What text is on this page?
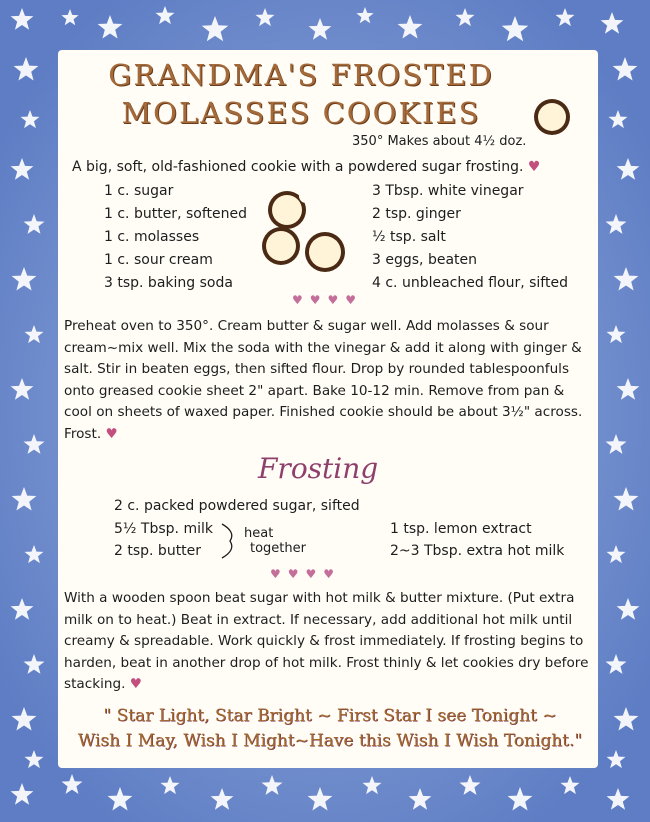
GRANDMA'S FROSTED
MOLASSES COOKIES
350° Makes about 4½ doz.
A big, soft, old-fashioned cookie with a powdered sugar frosting. ♥
1 c. sugar
1 c. butter, softened
1 c. molasses
1 c. sour cream
3 tsp. baking soda
3 Tbsp. white vinegar
2 tsp. ginger
½ tsp. salt
3 eggs, beaten
4 c. unbleached flour, sifted
♥♥♥♥
Preheat oven to 350°. Cream butter & sugar well. Add molasses & sour cream~mix well. Mix the soda with the vinegar & add it along with ginger & salt. Stir in beaten eggs, then sifted flour. Drop by rounded tablespoonfuls onto greased cookie sheet 2" apart. Bake 10-12 min. Remove from pan & cool on sheets of waxed paper. Finished cookie should be about 3½" across. Frost. ♥
Frosting
2 c. packed powdered sugar, sifted
5½ Tbsp. milk
2 tsp. butter
heat
together
1 tsp. lemon extract
2~3 Tbsp. extra hot milk
♥♥♥♥
With a wooden spoon beat sugar with hot milk & butter mixture. (Put extra milk on to heat.) Beat in extract. If necessary, add additional hot milk until creamy & spreadable. Work quickly & frost immediately. If frosting begins to harden, beat in another drop of hot milk. Frost thinly & let cookies dry before stacking. ♥
" Star Light, Star Bright ~ First Star I see Tonight ~
Wish I May, Wish I Might~Have this Wish I Wish Tonight."
